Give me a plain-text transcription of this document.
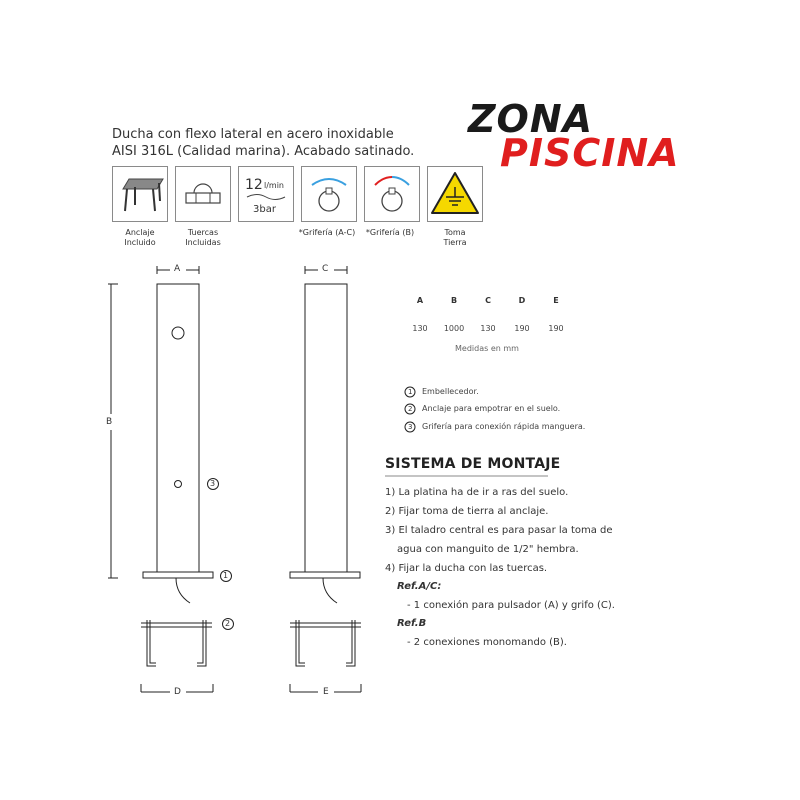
Ducha con flexo lateral en acero inoxidable
AISI 316L (Calidad marina). Acabado satinado.
ZONA
PISCINA
12 l/min
3bar
Anclaje
Incluido
Tuercas
Incluidas
*Grifería (A-C)	*Grifería (B)	Toma
Tierra
A
B
C
D	E
3
1
2
A	B	C	D	E
130	1000	130	190	190
Medidas en mm
1
2
3
Embellecedor.
Anclaje para empotrar en el suelo.
Grifería para conexión rápida manguera.
SISTEMA DE MONTAJE
1) La platina ha de ir a ras del suelo.
2) Fijar toma de tierra al anclaje.
3) El taladro central es para pasar la toma de
agua con manguito de 1/2" hembra.
4) Fijar la ducha con las tuercas.
Ref.A/C:
- 1 conexión para pulsador (A) y grifo (C).
Ref.B
- 2 conexiones monomando (B).
